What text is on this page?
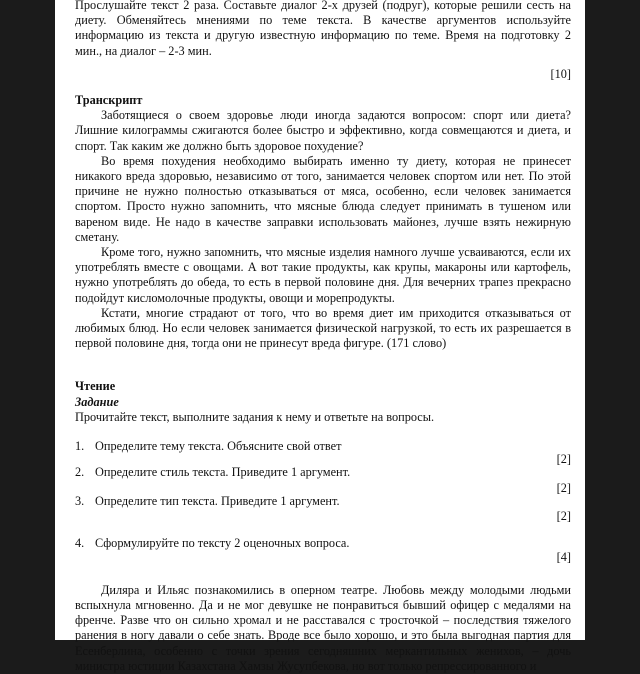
Прослушайте текст 2 раза. Составьте диалог 2-х друзей (подруг), которые решили сесть на диету. Обменяйтесь мнениями по теме текста. В качестве аргументов используйте информацию из текста и другую известную информацию по теме. Время на подготовку 2 мин., на диалог – 2-3 мин.

[10]

Транскрипт

Заботящиеся о своем здоровье люди иногда задаются вопросом: спорт или диета? Лишние килограммы сжигаются более быстро и эффективно, когда совмещаются и диета, и спорт. Так каким же должно быть здоровое похудение?

Во время похудения необходимо выбирать именно ту диету, которая не принесет никакого вреда здоровью, независимо от того, занимается человек спортом или нет. По этой причине не нужно полностью отказываться от мяса, особенно, если человек занимается спортом. Просто нужно запомнить, что мясные блюда следует принимать в тушеном или вареном виде. Не надо в качестве заправки использовать майонез, лучше взять нежирную сметану.

Кроме того, нужно запомнить, что мясные изделия намного лучше усваиваются, если их употреблять вместе с овощами. А вот такие продукты, как крупы, макароны или картофель, нужно употреблять до обеда, то есть в первой половине дня. Для вечерних трапез прекрасно подойдут кисломолочные продукты, овощи и морепродукты.

Кстати, многие страдают от того, что во время диет им приходится отказываться от любимых блюд. Но если человек занимается физической нагрузкой, то есть их разрешается в первой половине дня, тогда они не принесут вреда фигуре. (171 слово)

Чтение

Задание

Прочитайте текст, выполните задания к нему и ответьте на вопросы.

1. Определите тему текста. Объясните свой ответ

[2]

2. Определите стиль текста. Приведите 1 аргумент.

[2]

3. Определите тип текста. Приведите 1 аргумент.

[2]

4. Сформулируйте по тексту 2 оценочных вопроса.

[4]

Диляра и Ильяс познакомились в оперном театре. Любовь между молодыми людьми вспыхнула мгновенно. Да и не мог девушке не понравиться бывший офицер с медалями на френче. Разве что он сильно хромал и не расставался с тросточкой – последствия тяжелого ранения в ногу давали о себе знать. Вроде все было хорошо, и это была выгодная партия для Есенберлина, особенно с точки зрения сегодняшних меркантильных женихов, – дочь министра юстиции Казахстана Хамзы Жусупбекова, но вот только репрессированного и
